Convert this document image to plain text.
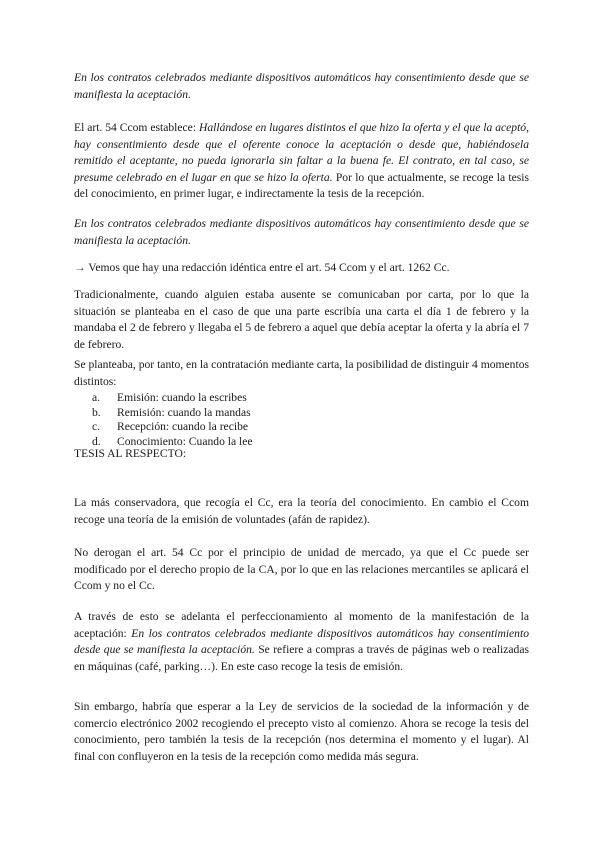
En los contratos celebrados mediante dispositivos automáticos hay consentimiento desde que se manifiesta la aceptación.

El art. 54 Ccom establece: Hallándose en lugares distintos el que hizo la oferta y el que la aceptó, hay consentimiento desde que el oferente conoce la aceptación o desde que, habiéndosela remitido el aceptante, no pueda ignorarla sin faltar a la buena fe. El contrato, en tal caso, se presume celebrado en el lugar en que se hizo la oferta. Por lo que actualmente, se recoge la tesis del conocimiento, en primer lugar, e indirectamente la tesis de la recepción.

En los contratos celebrados mediante dispositivos automáticos hay consentimiento desde que se manifiesta la aceptación.

→ Vemos que hay una redacción idéntica entre el art. 54 Ccom y el art. 1262 Cc.

Tradicionalmente, cuando alguien estaba ausente se comunicaban por carta, por lo que la situación se planteaba en el caso de que una parte escribía una carta el día 1 de febrero y la mandaba el 2 de febrero y llegaba el 5 de febrero a aquel que debía aceptar la oferta y la abría el 7 de febrero.

Se planteaba, por tanto, en la contratación mediante carta, la posibilidad de distinguir 4 momentos distintos:

a. Emisión: cuando la escribes
b. Remisión: cuando la mandas
c. Recepción: cuando la recibe
d. Conocimiento: Cuando la lee

TESIS AL RESPECTO:

La más conservadora, que recogía el Cc, era la teoría del conocimiento. En cambio el Ccom recoge una teoría de la emisión de voluntades (afán de rapidez).

No derogan el art. 54 Cc por el principio de unidad de mercado, ya que el Cc puede ser modificado por el derecho propio de la CA, por lo que en las relaciones mercantiles se aplicará el Ccom y no el Cc.

A través de esto se adelanta el perfeccionamiento al momento de la manifestación de la aceptación: En los contratos celebrados mediante dispositivos automáticos hay consentimiento desde que se manifiesta la aceptación. Se refiere a compras a través de páginas web o realizadas en máquinas (café, parking…). En este caso recoge la tesis de emisión.

Sin embargo, habría que esperar a la Ley de servicios de la sociedad de la información y de comercio electrónico 2002 recogiendo el precepto visto al comienzo. Ahora se recoge la tesis del conocimiento, pero también la tesis de la recepción (nos determina el momento y el lugar). Al final con confluyeron en la tesis de la recepción como medida más segura.
